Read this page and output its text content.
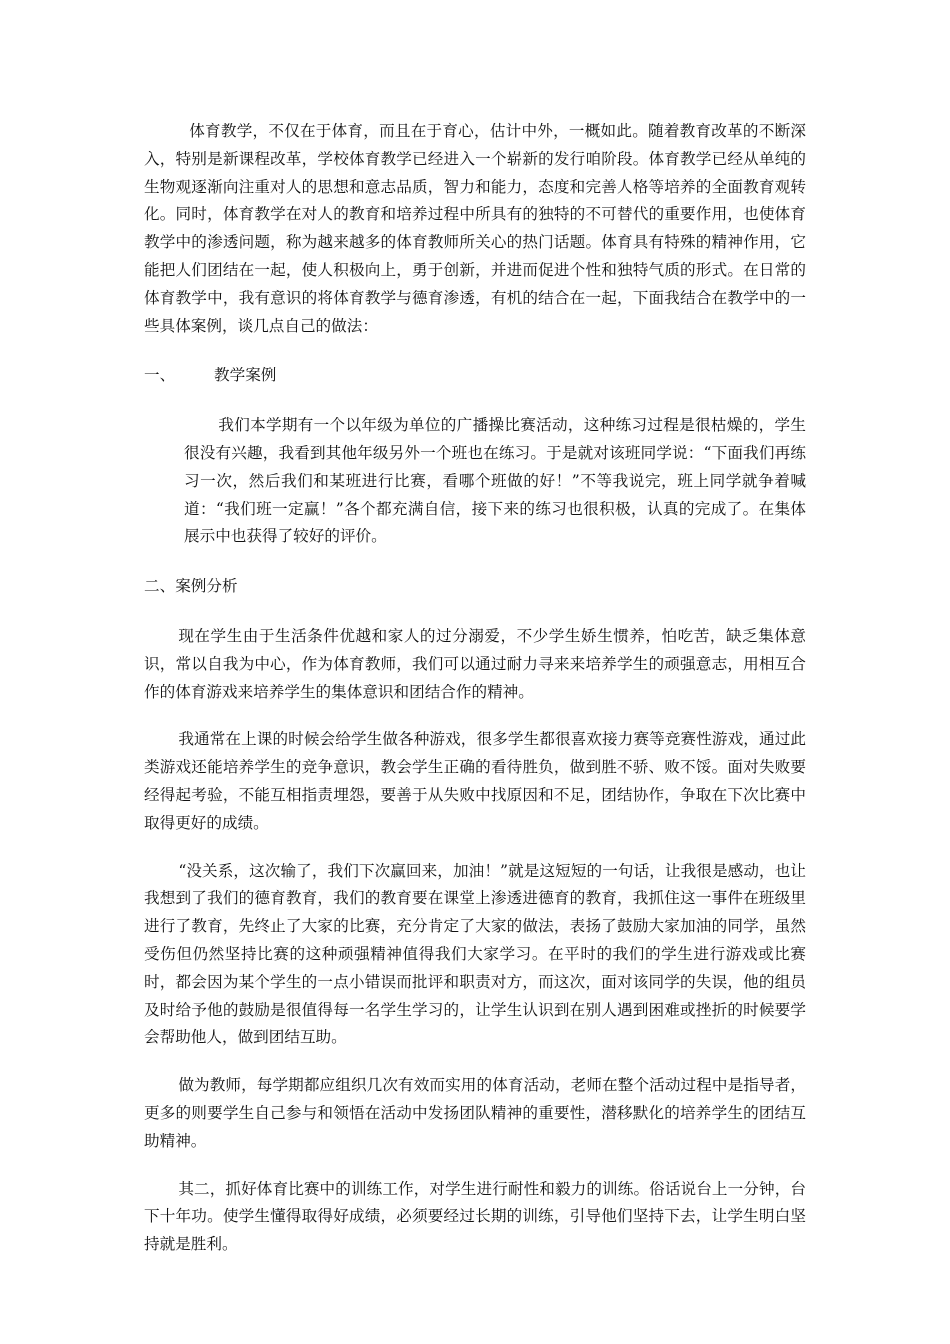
体育教学，不仅在于体育，而且在于育心，估计中外，一概如此。随着教育改革的不断深入，特别是新课程改革，学校体育教学已经进入一个崭新的发行咱阶段。体育教学已经从单纯的生物观逐渐向注重对人的思想和意志品质，智力和能力，态度和完善人格等培养的全面教育观转化。同时，体育教学在对人的教育和培养过程中所具有的独特的不可替代的重要作用，也使体育教学中的渗透问题，称为越来越多的体育教师所关心的热门话题。体育具有特殊的精神作用，它能把人们团结在一起，使人积极向上，勇于创新，并进而促进个性和独特气质的形式。在日常的体育教学中，我有意识的将体育教学与德育渗透，有机的结合在一起，下面我结合在教学中的一些具体案例，谈几点自己的做法：

一、	教学案例

我们本学期有一个以年级为单位的广播操比赛活动，这种练习过程是很枯燥的，学生很没有兴趣，我看到其他年级另外一个班也在练习。于是就对该班同学说：“下面我们再练习一次，然后我们和某班进行比赛，看哪个班做的好！”不等我说完，班上同学就争着喊道：“我们班一定赢！”各个都充满自信，接下来的练习也很积极，认真的完成了。在集体展示中也获得了较好的评价。

二、案例分析

现在学生由于生活条件优越和家人的过分溺爱，不少学生娇生惯养，怕吃苦，缺乏集体意识，常以自我为中心，作为体育教师，我们可以通过耐力寻来来培养学生的顽强意志，用相互合作的体育游戏来培养学生的集体意识和团结合作的精神。

我通常在上课的时候会给学生做各种游戏，很多学生都很喜欢接力赛等竞赛性游戏，通过此类游戏还能培养学生的竞争意识，教会学生正确的看待胜负，做到胜不骄、败不馁。面对失败要经得起考验，不能互相指责埋怨，要善于从失败中找原因和不足，团结协作，争取在下次比赛中取得更好的成绩。

“没关系，这次输了，我们下次赢回来，加油！”就是这短短的一句话，让我很是感动，也让我想到了我们的德育教育，我们的教育要在课堂上渗透进德育的教育，我抓住这一事件在班级里进行了教育，先终止了大家的比赛，充分肯定了大家的做法，表扬了鼓励大家加油的同学，虽然受伤但仍然坚持比赛的这种顽强精神值得我们大家学习。在平时的我们的学生进行游戏或比赛时，都会因为某个学生的一点小错误而批评和职责对方，而这次，面对该同学的失误，他的组员及时给予他的鼓励是很值得每一名学生学习的，让学生认识到在别人遇到困难或挫折的时候要学会帮助他人，做到团结互助。

做为教师，每学期都应组织几次有效而实用的体育活动，老师在整个活动过程中是指导者，更多的则要学生自己参与和领悟在活动中发扬团队精神的重要性，潜移默化的培养学生的团结互助精神。

其二，抓好体育比赛中的训练工作，对学生进行耐性和毅力的训练。俗话说台上一分钟，台下十年功。使学生懂得取得好成绩，必须要经过长期的训练，引导他们坚持下去，让学生明白坚持就是胜利。
